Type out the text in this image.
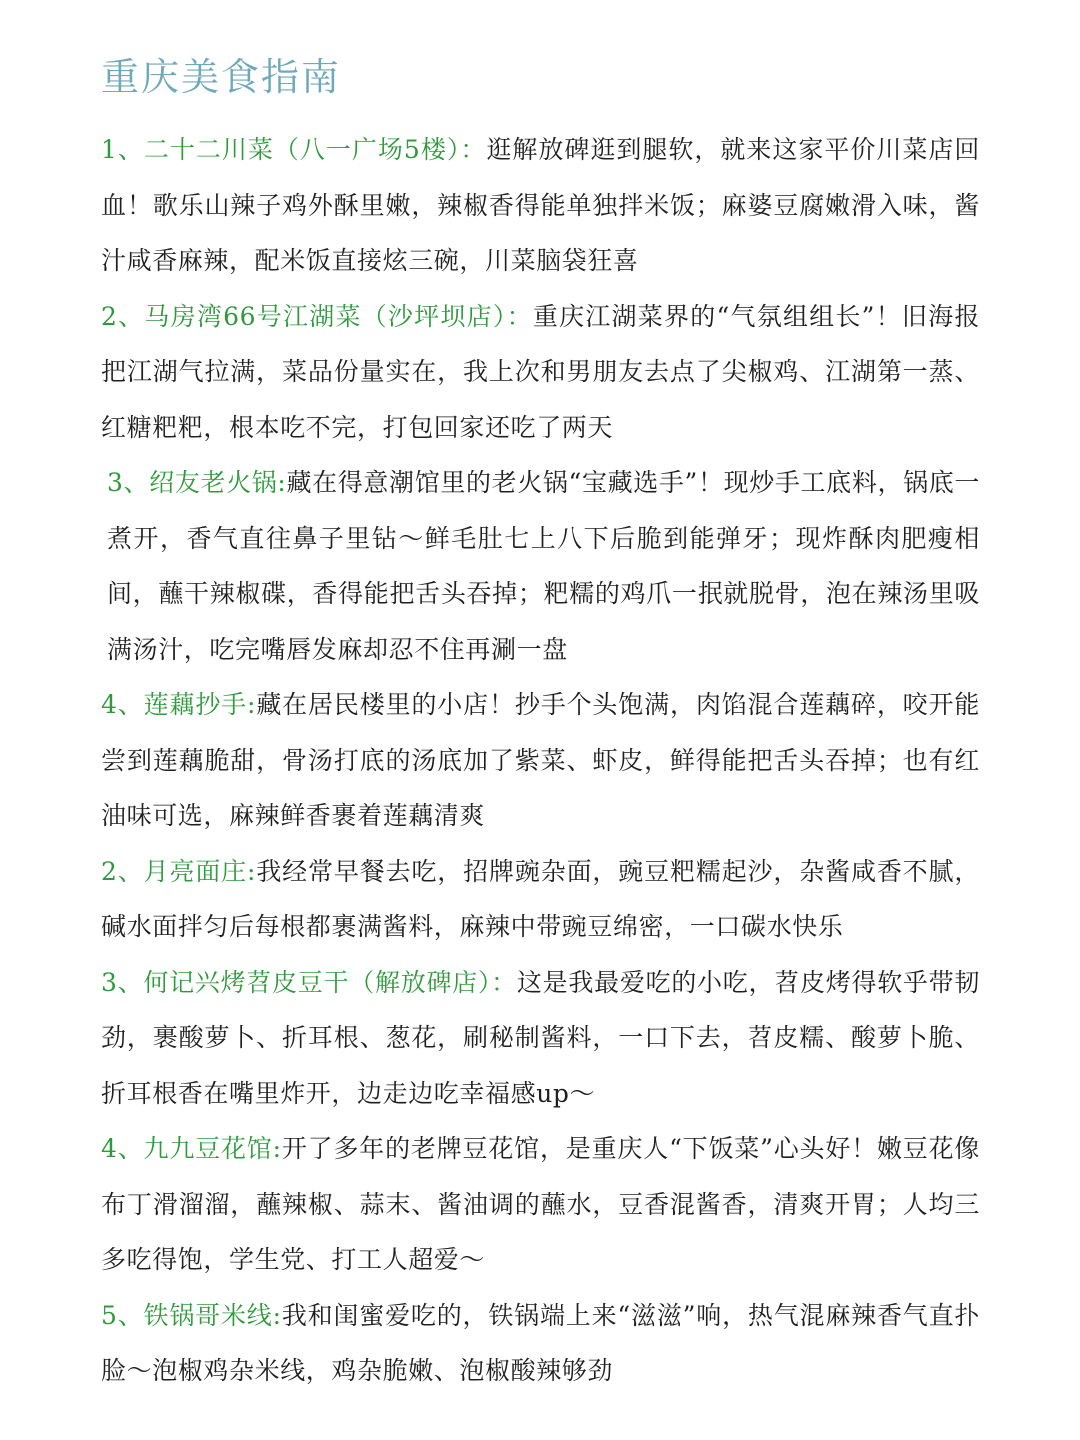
重庆美食指南

1、二十二川菜（八一广场5楼）：逛解放碑逛到腿软，就来这家平价川菜店回血！歌乐山辣子鸡外酥里嫩，辣椒香得能单独拌米饭；麻婆豆腐嫩滑入味，酱汁咸香麻辣，配米饭直接炫三碗，川菜脑袋狂喜

2、马房湾66号江湖菜（沙坪坝店）：重庆江湖菜界的“气氛组组长”！旧海报把江湖气拉满，菜品份量实在，我上次和男朋友去点了尖椒鸡、江湖第一蒸、红糖粑粑，根本吃不完，打包回家还吃了两天

3、绍友老火锅:藏在得意潮馆里的老火锅“宝藏选手”！现炒手工底料，锅底一煮开，香气直往鼻子里钻～鲜毛肚七上八下后脆到能弹牙；现炸酥肉肥瘦相间，蘸干辣椒碟，香得能把舌头吞掉；粑糯的鸡爪一抿就脱骨，泡在辣汤里吸满汤汁，吃完嘴唇发麻却忍不住再涮一盘

4、莲藕抄手:藏在居民楼里的小店！抄手个头饱满，肉馅混合莲藕碎，咬开能尝到莲藕脆甜，骨汤打底的汤底加了紫菜、虾皮，鲜得能把舌头吞掉；也有红油味可选，麻辣鲜香裹着莲藕清爽

2、月亮面庄:我经常早餐去吃，招牌豌杂面，豌豆粑糯起沙，杂酱咸香不腻，碱水面拌匀后每根都裹满酱料，麻辣中带豌豆绵密，一口碳水快乐

3、何记兴烤苕皮豆干（解放碑店）：这是我最爱吃的小吃，苕皮烤得软乎带韧劲，裹酸萝卜、折耳根、葱花，刷秘制酱料，一口下去，苕皮糯、酸萝卜脆、折耳根香在嘴里炸开，边走边吃幸福感up～

4、九九豆花馆:开了多年的老牌豆花馆，是重庆人“下饭菜”心头好！嫩豆花像布丁滑溜溜，蘸辣椒、蒜末、酱油调的蘸水，豆香混酱香，清爽开胃；人均三多吃得饱，学生党、打工人超爱～

5、铁锅哥米线:我和闺蜜爱吃的，铁锅端上来“滋滋”响，热气混麻辣香气直扑脸～泡椒鸡杂米线，鸡杂脆嫩、泡椒酸辣够劲
